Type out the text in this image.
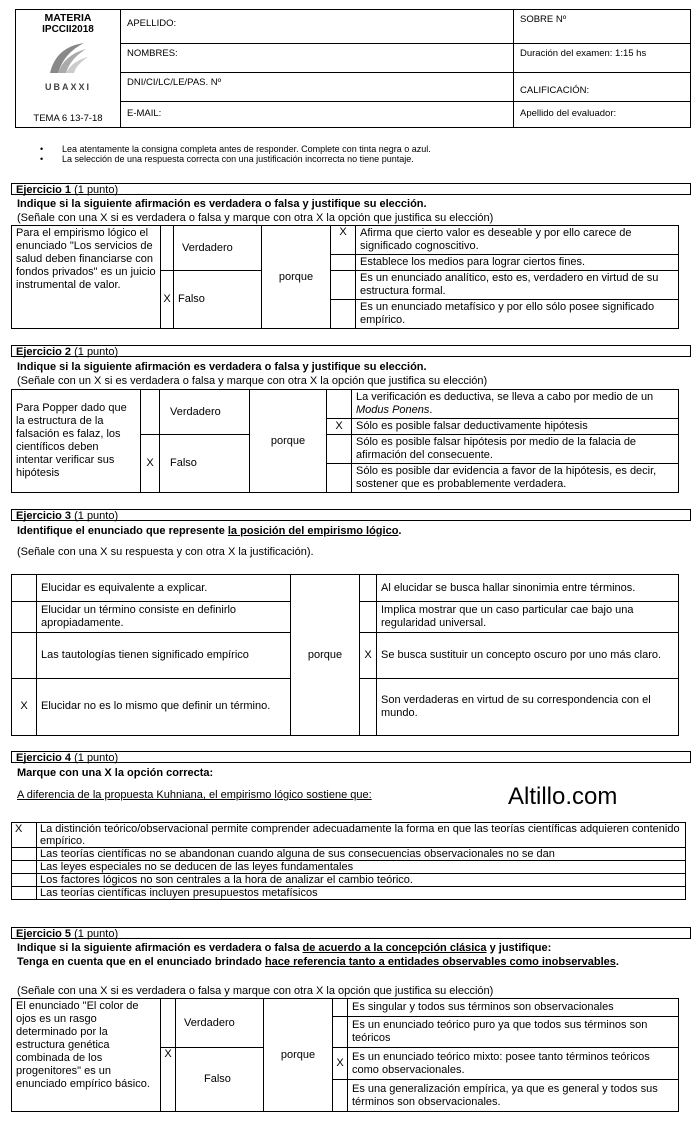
MATERIA
IPCCII2018
UBAXXI
TEMA 6 13-7-18	APELLIDO:	SOBRE Nº
	NOMBRES:	Duración del examen: 1:15 hs
	DNI/CI/LC/LE/PAS. Nº	CALIFICACIÓN:
	E-MAIL:	Apellido del evaluador:
• Lea atentamente la consigna completa antes de responder. Complete con tinta negra o azul.
• La selección de una respuesta correcta con una justificación incorrecta no tiene puntaje.
Ejercicio 1 (1 punto)
Indique si la siguiente afirmación es verdadera o falsa y justifique su elección.
(Señale con una X si es verdadera o falsa y marque con otra X la opción que justifica su elección)
Para el empirismo lógico el enunciado "Los servicios de salud deben financiarse con fondos privados" es un juicio instrumental de valor.		Verdadero	porque	X	Afirma que cierto valor es deseable y por ello carece de significado cognoscitivo.
					Establece los medios para lograr ciertos fines.
	X	Falso			Es un enunciado analítico, esto es, verdadero en virtud de su estructura formal.
					Es un enunciado metafísico y por ello sólo posee significado empírico.
Ejercicio 2 (1 punto)
Indique si la siguiente afirmación es verdadera o falsa y justifique su elección.
(Señale con un X si es verdadera o falsa y marque con otra X la opción que justifica su elección)
Para Popper dado que la estructura de la falsación es falaz, los científicos deben intentar verificar sus hipótesis		Verdadero	porque		La verificación es deductiva, se lleva a cabo por medio de un Modus Ponens.
				X	Sólo es posible falsar deductivamente hipótesis
	X	Falso			Sólo es posible falsar hipótesis por medio de la falacia de afirmación del consecuente.
					Sólo es posible dar evidencia a favor de la hipótesis, es decir, sostener que es probablemente verdadera.
Ejercicio 3 (1 punto)
Identifique el enunciado que represente la posición del empirismo lógico.
(Señale con una X su respuesta y con otra X la justificación).
	Elucidar es equivalente a explicar.	porque		Al elucidar se busca hallar sinonimia entre términos.
	Elucidar un término consiste en definirlo apropiadamente.			Implica mostrar que un caso particular cae bajo una regularidad universal.
	Las tautologías tienen significado empírico		X	Se busca sustituir un concepto oscuro por uno más claro.
X	Elucidar no es lo mismo que definir un término.			Son verdaderas en virtud de su correspondencia con el mundo.
Ejercicio 4 (1 punto)
Marque con una X la opción correcta:
A diferencia de la propuesta Kuhniana, el empirismo lógico sostiene que:	Altillo.com
X	La distinción teórico/observacional permite comprender adecuadamente la forma en que las teorías científicas adquieren contenido empírico.
	Las teorías científicas no se abandonan cuando alguna de sus consecuencias observacionales no se dan
	Las leyes especiales no se deducen de las leyes fundamentales
	Los factores lógicos no son centrales a la hora de analizar el cambio teórico.
	Las teorías científicas incluyen presupuestos metafísicos
Ejercicio 5 (1 punto)
Indique si la siguiente afirmación es verdadera o falsa de acuerdo a la concepción clásica y justifique:
Tenga en cuenta que en el enunciado brindado hace referencia tanto a entidades observables como inobservables.
(Señale con una X si es verdadera o falsa y marque con otra X la opción que justifica su elección)
El enunciado "El color de ojos es un rasgo determinado por la estructura genética combinada de los progenitores" es un enunciado empírico básico.		Verdadero	porque		Es singular y todos sus términos son observacionales
					Es un enunciado teórico puro ya que todos sus términos son teóricos
	X	Falso		X	Es un enunciado teórico mixto: posee tanto términos teóricos como observacionales.
					Es una generalización empírica, ya que es general y todos sus términos son observacionales.
